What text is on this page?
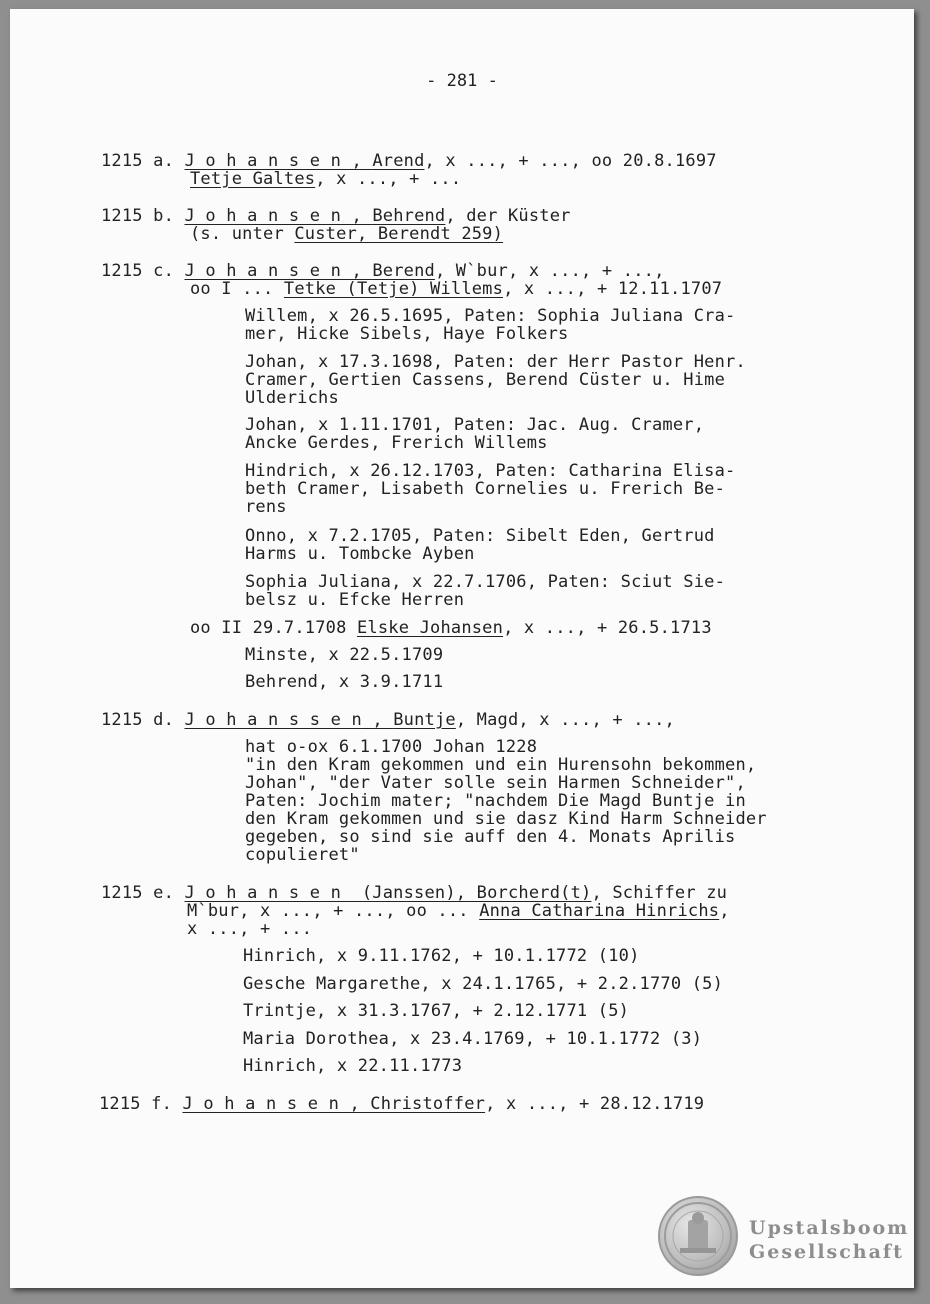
- 281 -
1215 a. J o h a n s e n , Arend, x ..., + ..., oo 20.8.1697
Tetje Galtes, x ..., + ...
1215 b. J o h a n s e n , Behrend, der Küster
(s. unter Custer, Berendt 259)
1215 c. J o h a n s e n , Berend, W`bur, x ..., + ...,
oo I ... Tetke (Tetje) Willems, x ..., + 12.11.1707
Willem, x 26.5.1695, Paten: Sophia Juliana Cra-
mer, Hicke Sibels, Haye Folkers
Johan, x 17.3.1698, Paten: der Herr Pastor Henr.
Cramer, Gertien Cassens, Berend Cüster u. Hime
Ulderichs
Johan, x 1.11.1701, Paten: Jac. Aug. Cramer,
Ancke Gerdes, Frerich Willems
Hindrich, x 26.12.1703, Paten: Catharina Elisa-
beth Cramer, Lisabeth Cornelies u. Frerich Be-
rens
Onno, x 7.2.1705, Paten: Sibelt Eden, Gertrud
Harms u. Tombcke Ayben
Sophia Juliana, x 22.7.1706, Paten: Sciut Sie-
belsz u. Efcke Herren
oo II 29.7.1708 Elske Johansen, x ..., + 26.5.1713
Minste, x 22.5.1709
Behrend, x 3.9.1711
1215 d. J o h a n s s e n , Buntje, Magd, x ..., + ...,
hat o-ox 6.1.1700 Johan 1228
"in den Kram gekommen und ein Hurensohn bekommen,
Johan", "der Vater solle sein Harmen Schneider",
Paten: Jochim mater; "nachdem Die Magd Buntje in
den Kram gekommen und sie dasz Kind Harm Schneider
gegeben, so sind sie auff den 4. Monats Aprilis
copulieret"
1215 e. J o h a n s e n  (Janssen), Borcherd(t), Schiffer zu
M`bur, x ..., + ..., oo ... Anna Catharina Hinrichs,
x ..., + ...
Hinrich, x 9.11.1762, + 10.1.1772 (10)
Gesche Margarethe, x 24.1.1765, + 2.2.1770 (5)
Trintje, x 31.3.1767, + 2.12.1771 (5)
Maria Dorothea, x 23.4.1769, + 10.1.1772 (3)
Hinrich, x 22.11.1773
1215 f. J o h a n s e n , Christoffer, x ..., + 28.12.1719
Upstalsboom
Gesellschaft
